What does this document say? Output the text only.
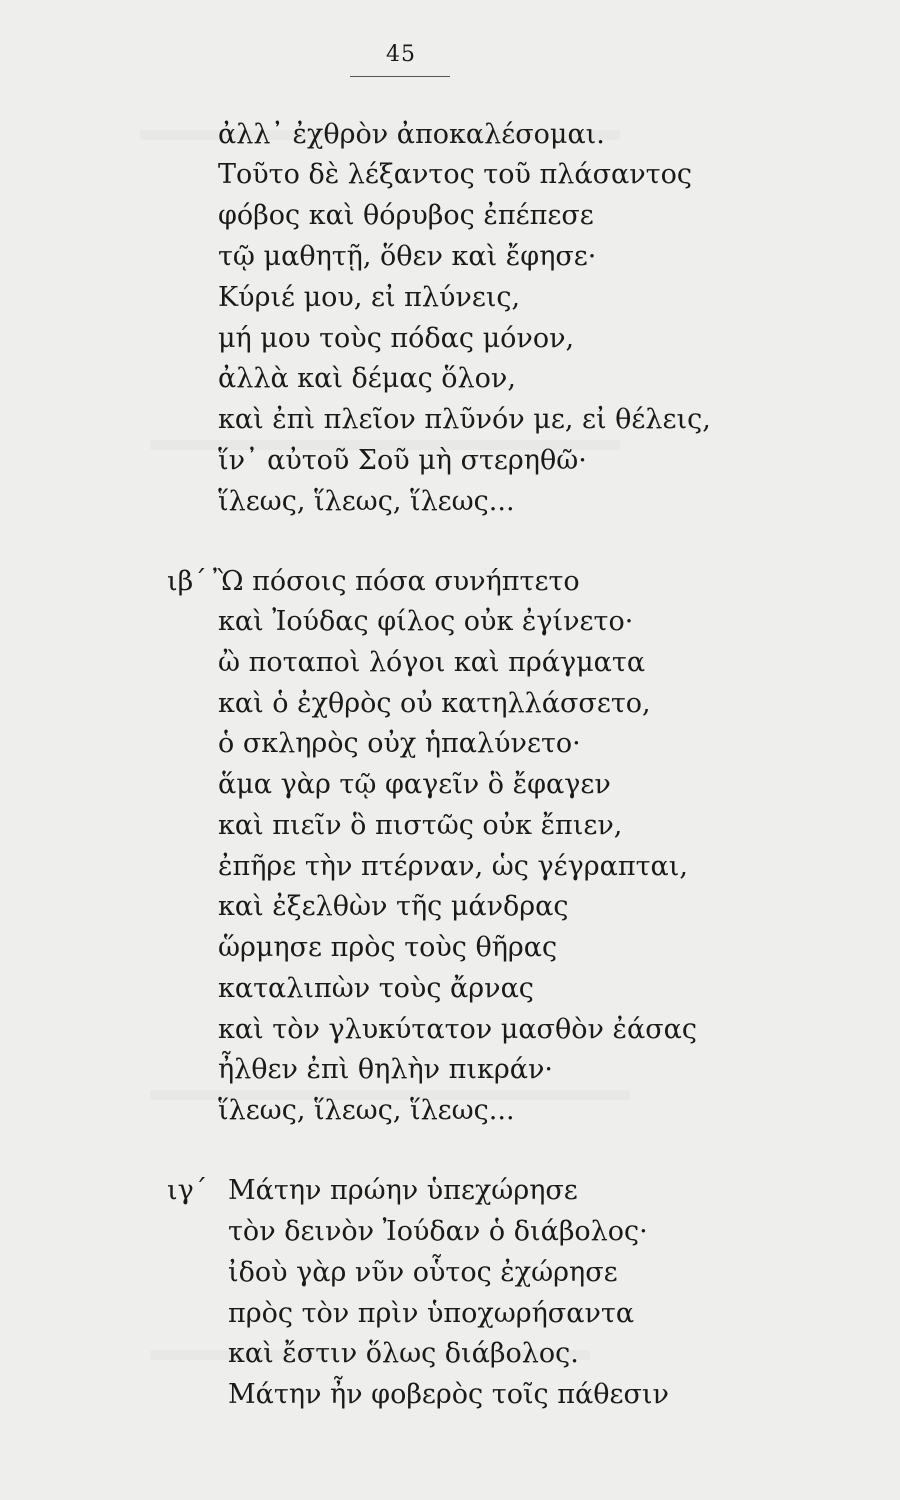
45
ἀλλ᾽ ἐχθρὸν ἀποκαλέσομαι.
Τοῦτο δὲ λέξαντος τοῦ πλάσαντος
φόβος καὶ θόρυβος ἐπέπεσε
τῷ μαθητῇ, ὅθεν καὶ ἔφησε·
Κύριέ μου, εἰ πλύνεις,
μή μου τοὺς πόδας μόνον,
ἀλλὰ καὶ δέμας ὅλον,
καὶ ἐπὶ πλεῖον πλῦνόν με, εἰ θέλεις,
ἵν᾽ αὐτοῦ Σοῦ μὴ στερηθῶ·
ἵλεως, ἵλεως, ἵλεως...
ιβ΄ Ὢ πόσοις πόσα συνήπτετο
καὶ Ἰούδας φίλος οὐκ ἐγίνετο·
ὢ ποταποὶ λόγοι καὶ πράγματα
καὶ ὁ ἐχθρὸς οὐ κατηλλάσσετο,
ὁ σκληρὸς οὐχ ἡπαλύνετο·
ἅμα γὰρ τῷ φαγεῖν ὃ ἔφαγεν
καὶ πιεῖν ὃ πιστῶς οὐκ ἔπιεν,
ἐπῆρε τὴν πτέρναν, ὡς γέγραπται,
καὶ ἐξελθὼν τῆς μάνδρας
ὥρμησε πρὸς τοὺς θῆρας
καταλιπὼν τοὺς ἄρνας
καὶ τὸν γλυκύτατον μασθὸν ἐάσας
ἦλθεν ἐπὶ θηλὴν πικράν·
ἵλεως, ἵλεως, ἵλεως...
ιγ΄ Μάτην πρώην ὑπεχώρησε
τὸν δεινὸν Ἰούδαν ὁ διάβολος·
ἰδοὺ γὰρ νῦν οὗτος ἐχώρησε
πρὸς τὸν πρὶν ὑποχωρήσαντα
καὶ ἔστιν ὅλως διάβολος.
Μάτην ἦν φοβερὸς τοῖς πάθεσιν
